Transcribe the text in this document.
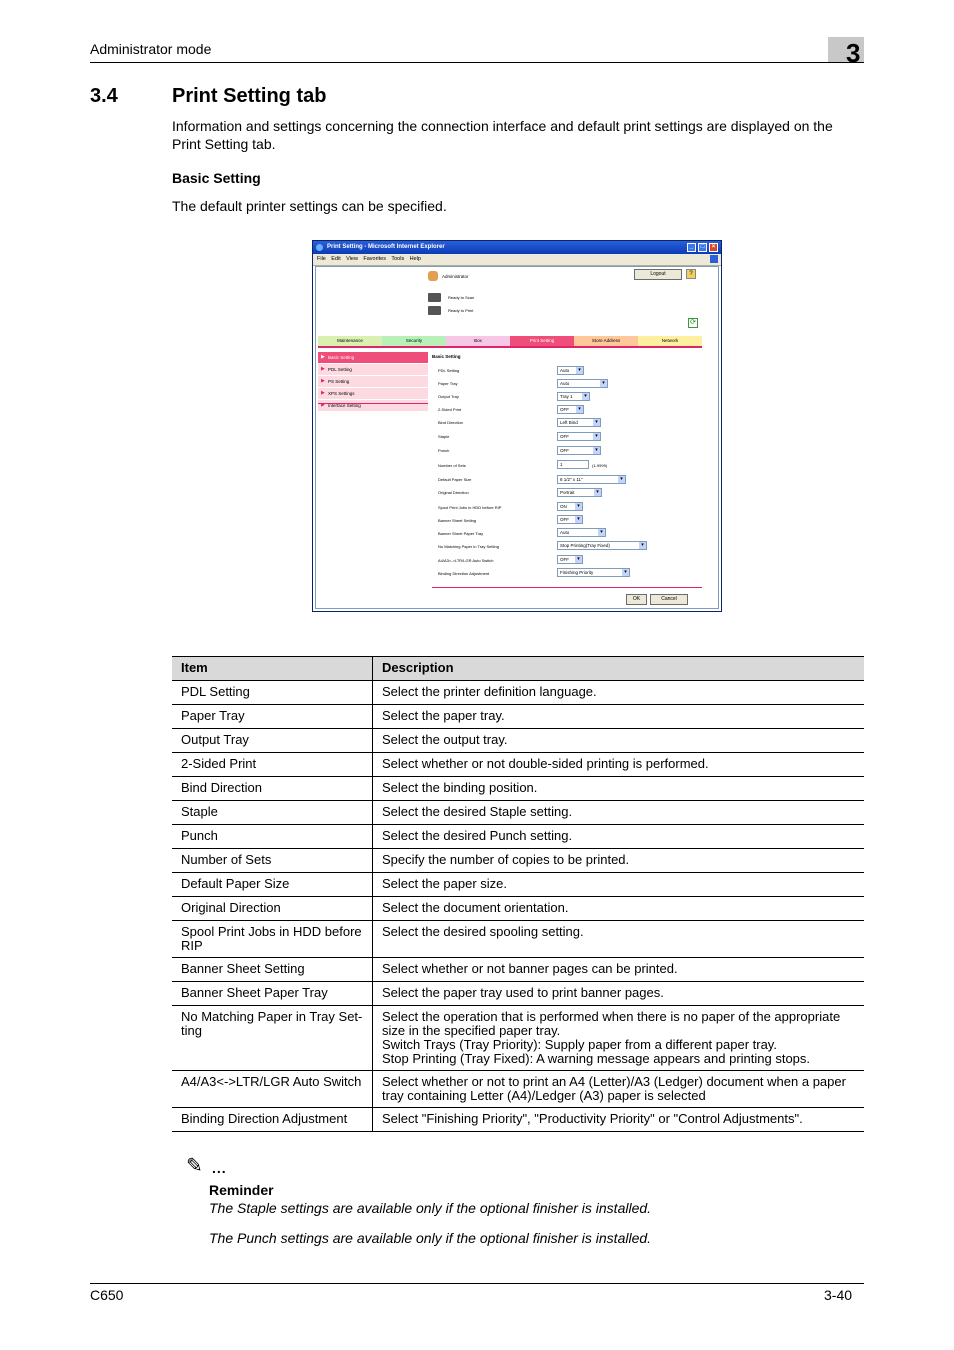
Administrator mode	3
3.4	Print Setting tab
Information and settings concerning the connection interface and default print settings are displayed on the Print Setting tab.
Basic Setting
The default printer settings can be specified.
Print Setting - Microsoft Internet Explorer	_	□	×
File Edit View Favorites Tools Help
Administrator	Logout	?
Ready to Scan
Ready to Print
⟳
Maintenance	Security	Box	Print Setting	Store Address	Network
▶ Basic Setting
▶ PDL Setting
▶ PS Setting
▶ XPS Settings
▶ Interface Setting
Basic Setting
PDL Setting	Auto	▾
Paper Tray	Auto	▾
Output Tray	Tray 1	▾
2-Sided Print	OFF	▾
Bind Direction	Left Bind	▾
Staple	OFF	▾
Punch	OFF	▾
Number of Sets	1	(1-9999)
Default Paper Size	8 1/2" x 11"	▾
Original Direction	Portrait	▾
Spool Print Jobs in HDD before RIP	ON	▾
Banner Sheet Setting	OFF	▾
Banner Sheet Paper Tray	Auto	▾
No Matching Paper in Tray Setting	Stop Printing(Tray Fixed)	▾
A4/A3<->LTR/LGR Auto Switch	OFF	▾
Binding Direction Adjustment	Finishing Priority	▾
OK	Cancel
Item	Description
PDL Setting	Select the printer definition language.
Paper Tray	Select the paper tray.
Output Tray	Select the output tray.
2-Sided Print	Select whether or not double-sided printing is performed.
Bind Direction	Select the binding position.
Staple	Select the desired Staple setting.
Punch	Select the desired Punch setting.
Number of Sets	Specify the number of copies to be printed.
Default Paper Size	Select the paper size.
Original Direction	Select the document orientation.
Spool Print Jobs in HDD before RIP	Select the desired spooling setting.
Banner Sheet Setting	Select whether or not banner pages can be printed.
Banner Sheet Paper Tray	Select the paper tray used to print banner pages.
No Matching Paper in Tray Set-ting	Select the operation that is performed when there is no paper of the appropriate size in the specified paper tray.
Switch Trays (Tray Priority): Supply paper from a different paper tray.
Stop Printing (Tray Fixed): A warning message appears and printing stops.
A4/A3<->LTR/LGR Auto Switch	Select whether or not to print an A4 (Letter)/A3 (Ledger) document when a paper tray containing Letter (A4)/Ledger (A3) paper is selected
Binding Direction Adjustment	Select "Finishing Priority", "Productivity Priority" or "Control Adjustments".
✎ ...
Reminder
The Staple settings are available only if the optional finisher is installed.
The Punch settings are available only if the optional finisher is installed.
C650	3-40
